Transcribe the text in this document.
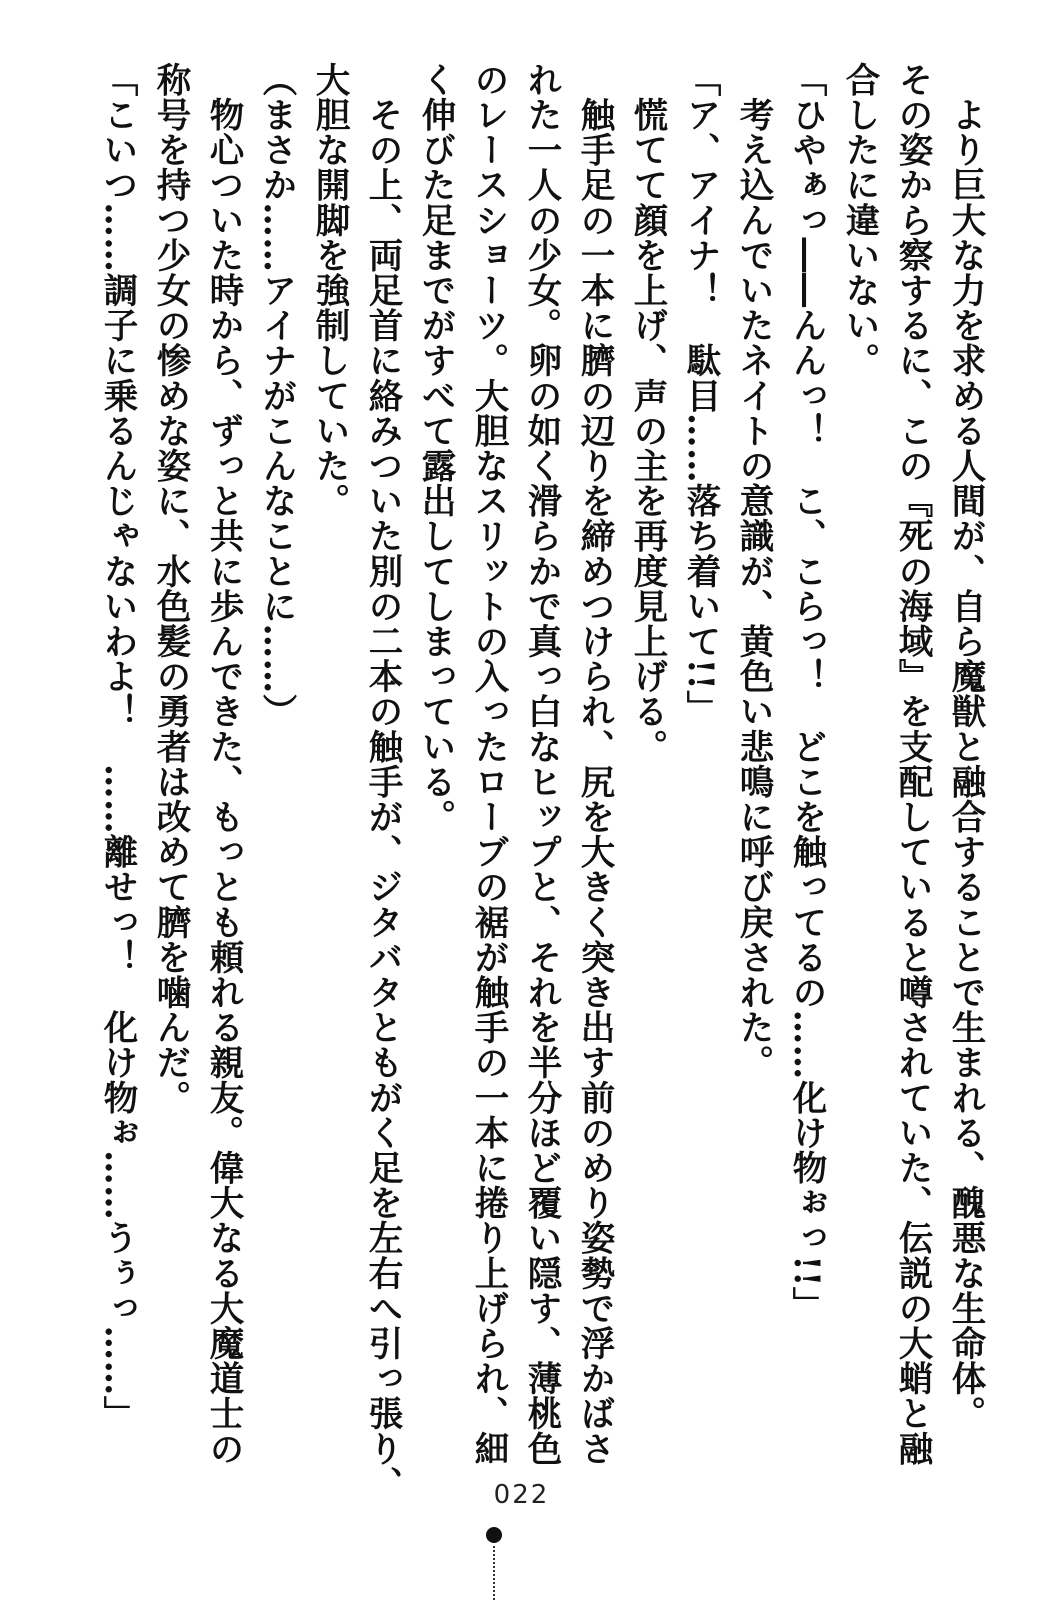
　より巨大な力を求める人間が、自ら魔獣と融合することで生まれる、醜悪な生命体。
その姿から察するに、この『死の海域』を支配していると噂されていた、伝説の大蛸と融
合したに違いない。
「ひやぁっ――んんっ！　こ、こらっ！　どこを触ってるの……化け物ぉっ!!」
　考え込んでいたネイトの意識が、黄色い悲鳴に呼び戻された。
「ア、アイナ！　駄目……落ち着いて!!」
　慌てて顔を上げ、声の主を再度見上げる。
　触手足の一本に臍の辺りを締めつけられ、尻を大きく突き出す前のめり姿勢で浮かばさ
れた一人の少女。卵の如く滑らかで真っ白なヒップと、それを半分ほど覆い隠す、薄桃色
のレースショーツ。大胆なスリットの入ったローブの裾が触手の一本に捲り上げられ、細
く伸びた足までがすべて露出してしまっている。
　その上、両足首に絡みついた別の二本の触手が、ジタバタともがく足を左右へ引っ張り、
大胆な開脚を強制していた。
（まさか……アイナがこんなことに……）
　物心ついた時から、ずっと共に歩んできた、もっとも頼れる親友。偉大なる大魔道士の
称号を持つ少女の惨めな姿に、水色髪の勇者は改めて臍を噛んだ。
「こいつ……調子に乗るんじゃないわよ！　……離せっ！　化け物ぉ……うぅっ……」
022
